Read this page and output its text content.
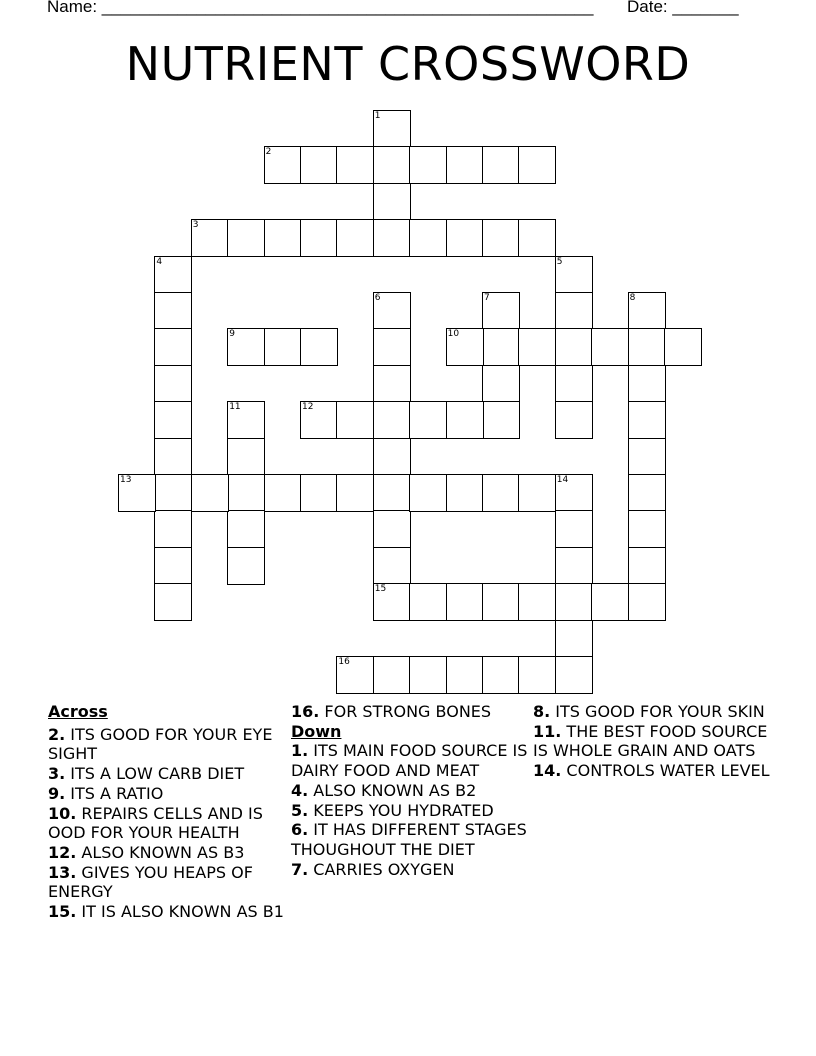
Name: ____________________________________________________ Date: _______
NUTRIENT CROSSWORD
1
2
3
4	5
6
15
7	8
9	10
11	12
13	14
16
Across
2. ITS GOOD FOR YOUR EYE SIGHT
3. ITS A LOW CARB DIET
9. ITS A RATIO
10. REPAIRS CELLS AND IS OOD FOR YOUR HEALTH
12. ALSO KNOWN AS B3
13. GIVES YOU HEAPS OF ENERGY
15. IT IS ALSO KNOWN AS B1
16. FOR STRONG BONES
Down
1. ITS MAIN FOOD SOURCE IS DAIRY FOOD AND MEAT
4. ALSO KNOWN AS B2
5. KEEPS YOU HYDRATED
6. IT HAS DIFFERENT STAGES THOUGHOUT THE DIET
7. CARRIES OXYGEN
8. ITS GOOD FOR YOUR SKIN
11. THE BEST FOOD SOURCE IS WHOLE GRAIN AND OATS
14. CONTROLS WATER LEVEL
